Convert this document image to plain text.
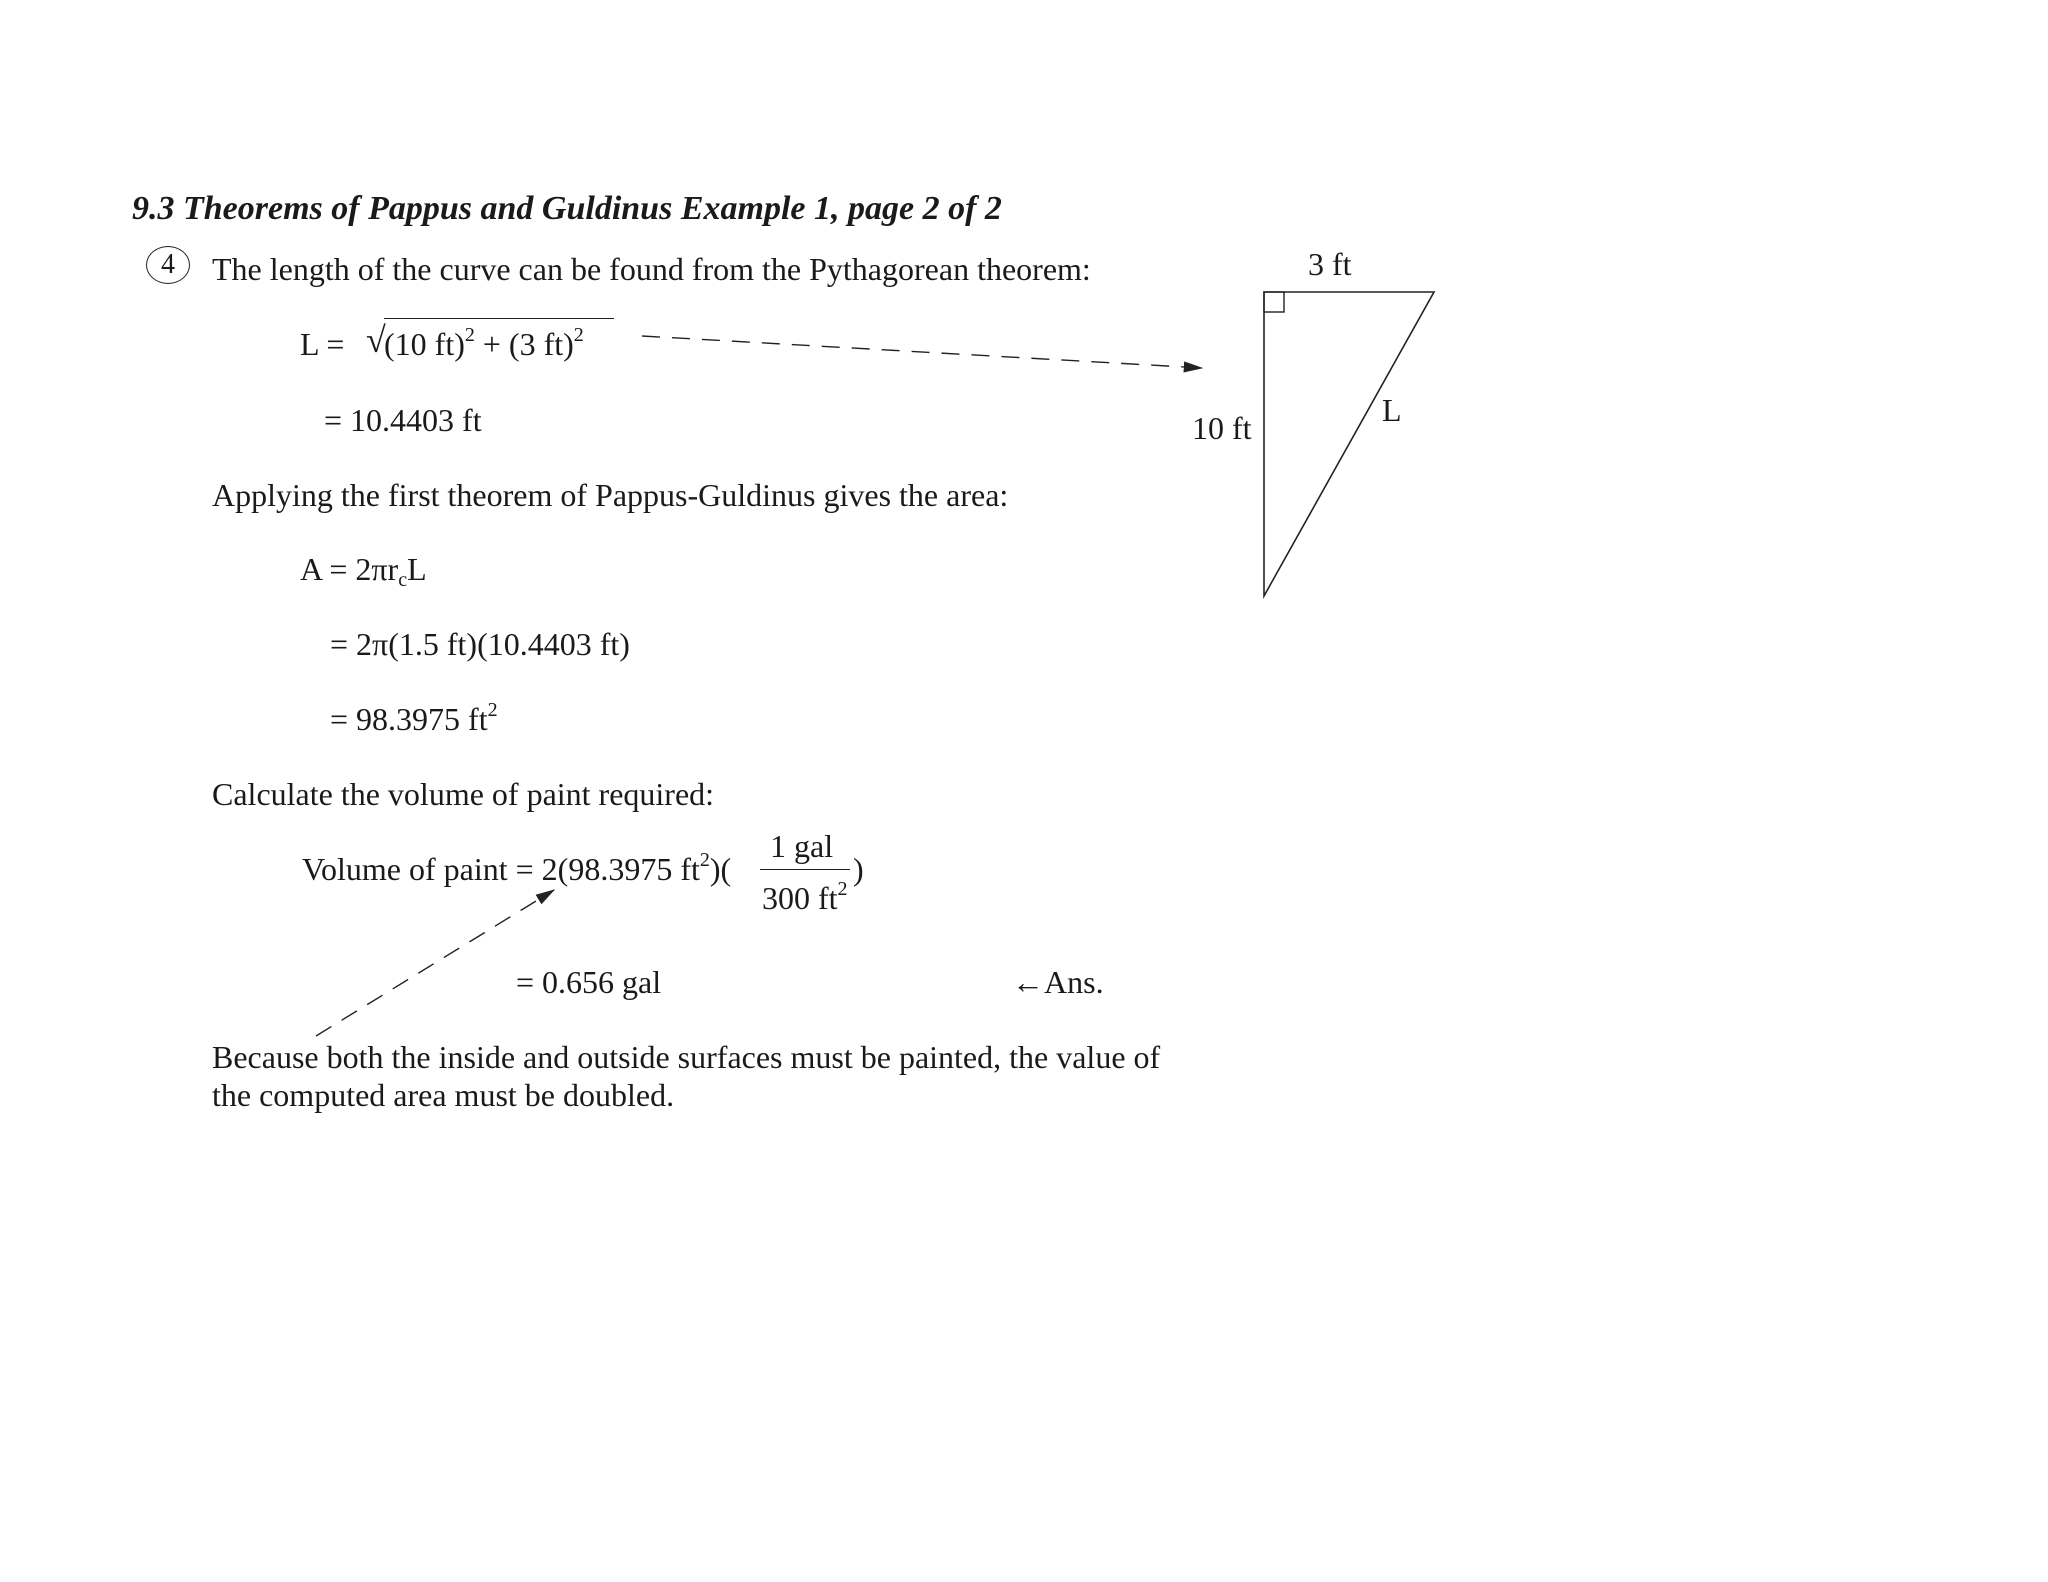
9.3 Theorems of Pappus and Guldinus Example 1, page 2 of 2
4	The length of the curve can be found from the Pythagorean theorem:
L = √
(10 ft)$^2$ + (3 ft)$^2$
= 10.4403 ft
Applying the first theorem of Pappus-Guldinus gives the area:
$A = 2\pi r_cL$
= 2π(1.5 ft)(10.4403 ft)
= 98.3975 $ft^2$
Calculate the volume of paint required:
Volume of paint = 2(98.3975 $ft^2$)(
1 gal
300 $ft^2$
)
= 0.656 gal	←Ans.
Because both the inside and outside surfaces must be painted, the value of
the computed area must be doubled.
3 ft
10 ft	L
